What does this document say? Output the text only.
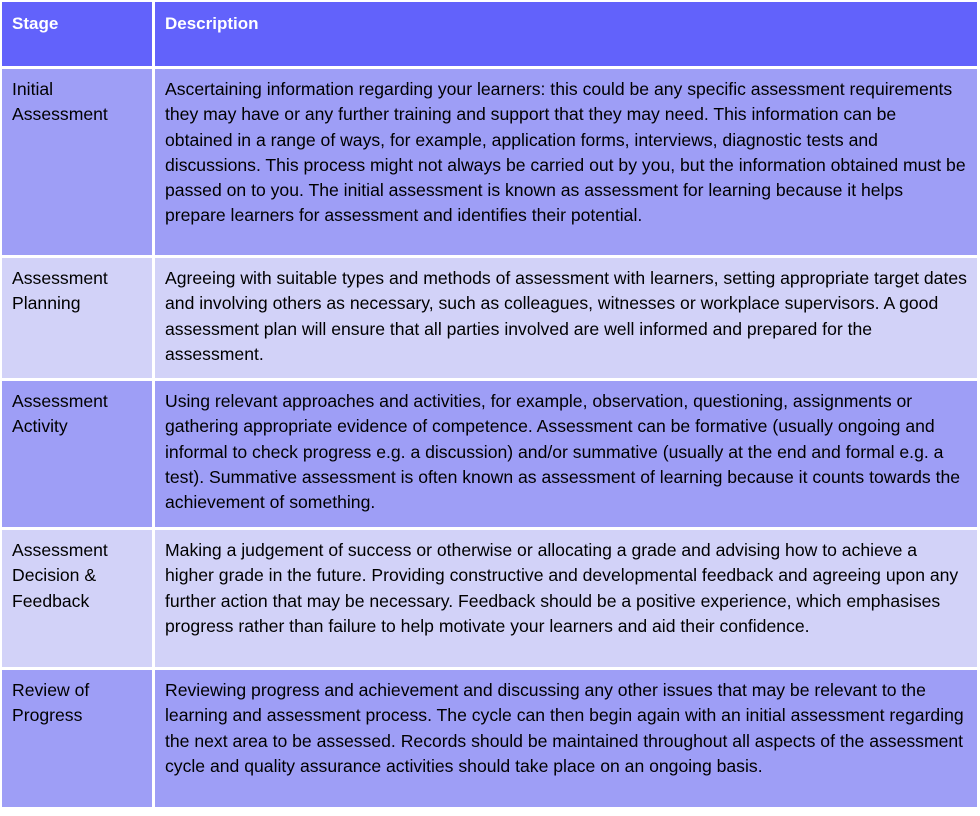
Stage	Description
Initial Assessment
Ascertaining information regarding your learners: this could be any specific assessment requirements they may have or any further training and support that they may need. This information can be obtained in a range of ways, for example, application forms, interviews, diagnostic tests and discussions. This process might not always be carried out by you, but the information obtained must be passed on to you. The initial assessment is known as assessment for learning because it helps prepare learners for assessment and identifies their potential.
Assessment Planning
Agreeing with suitable types and methods of assessment with learners, setting appropriate target dates and involving others as necessary, such as colleagues, witnesses or workplace supervisors. A good assessment plan will ensure that all parties involved are well informed and prepared for the assessment.
Assessment Activity
Using relevant approaches and activities, for example, observation, questioning, assignments or gathering appropriate evidence of competence. Assessment can be formative (usually ongoing and informal to check progress e.g. a discussion) and/or summative (usually at the end and formal e.g. a test). Summative assessment is often known as assessment of learning because it counts towards the achievement of something.
Assessment Decision & Feedback
Making a judgement of success or otherwise or allocating a grade and advising how to achieve a higher grade in the future. Providing constructive and developmental feedback and agreeing upon any further action that may be necessary. Feedback should be a positive experience, which emphasises progress rather than failure to help motivate your learners and aid their confidence.
Review of Progress
Reviewing progress and achievement and discussing any other issues that may be relevant to the learning and assessment process. The cycle can then begin again with an initial assessment regarding the next area to be assessed. Records should be maintained throughout all aspects of the assessment cycle and quality assurance activities should take place on an ongoing basis.
